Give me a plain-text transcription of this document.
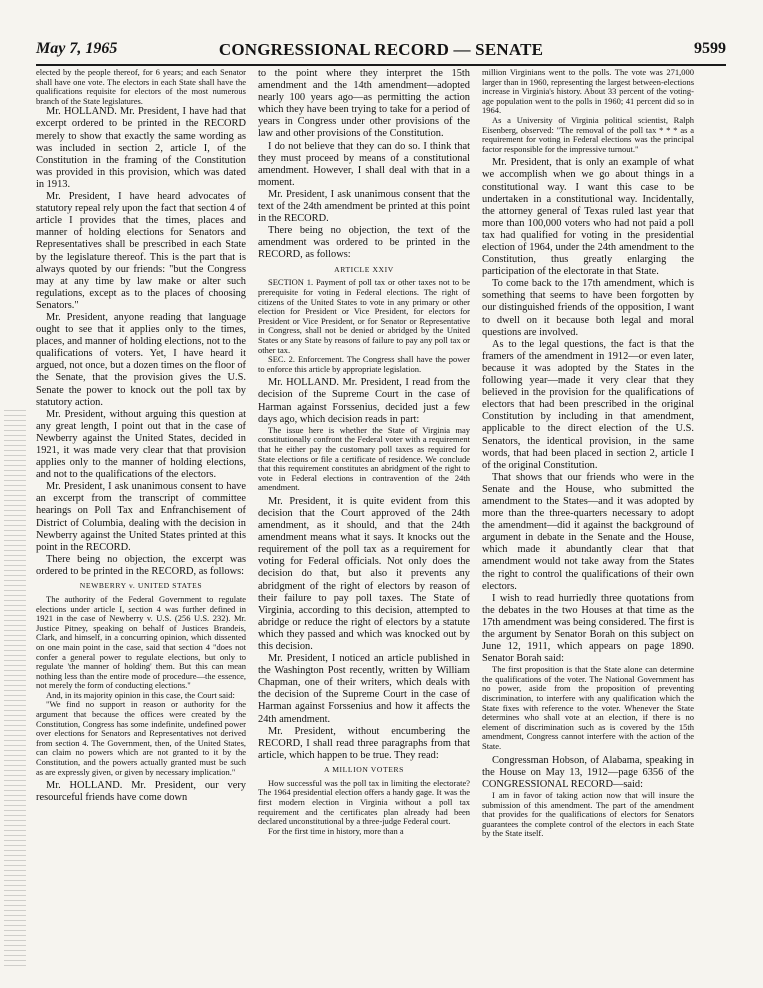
May 7, 1965	CONGRESSIONAL RECORD — SENATE	9599

elected by the people thereof, for 6 years; and each Senator shall have one vote. The electors in each State shall have the qualifications requisite for electors of the most numerous branch of the State legislatures.

Mr. HOLLAND. Mr. President, I have had that excerpt ordered to be printed in the RECORD merely to show that exactly the same wording as was included in section 2, article I, of the Constitution in the framing of the Constitution was provided in this provision, which was dated in 1913.

Mr. President, I have heard advocates of statutory repeal rely upon the fact that section 4 of article I provides that the times, places and manner of holding elections for Senators and Representatives shall be prescribed in each State by the legislature thereof. This is the part that is always quoted by our friends: "but the Congress may at any time by law make or alter such regulations, except as to the places of choosing Senators."

Mr. President, anyone reading that language ought to see that it applies only to the times, places, and manner of holding elections, not to the qualifications of voters. Yet, I have heard it argued, not once, but a dozen times on the floor of the Senate, that the provision gives the U.S. Senate the power to knock out the poll tax by statutory action.

Mr. President, without arguing this question at any great length, I point out that in the case of Newberry against the United States, decided in 1921, it was made very clear that that provision applies only to the manner of holding elections, and not to the qualifications of the electors.

Mr. President, I ask unanimous consent to have an excerpt from the transcript of committee hearings on Poll Tax and Enfranchisement of District of Columbia, dealing with the decision in Newberry against the United States printed at this point in the RECORD.

There being no objection, the excerpt was ordered to be printed in the RECORD, as follows:

NEWBERRY v. UNITED STATES

The authority of the Federal Government to regulate elections under article I, section 4 was further defined in 1921 in the case of Newberry v. U.S. (256 U.S. 232). Mr. Justice Pitney, speaking on behalf of Justices Brandeis, Clark, and himself, in a concurring opinion, which dissented on one main point in the case, said that section 4 "does not confer a general power to regulate elections, but only to regulate 'the manner of holding' them. But this can mean nothing less than the entire mode of procedure—the essence, not merely the form of conducting elections."

And, in its majority opinion in this case, the Court said:

"We find no support in reason or authority for the argument that because the offices were created by the Constitution, Congress has some indefinite, undefined power over elections for Senators and Representatives not derived from section 4. The Government, then, of the United States, can claim no powers which are not granted to it by the Constitution, and the powers actually granted must be such as are expressly given, or given by necessary implication."

Mr. HOLLAND. Mr. President, our very resourceful friends have come down

to the point where they interpret the 15th amendment and the 14th amendment—adopted nearly 100 years ago—as permitting the action which they have been trying to take for a period of years in Congress under other provisions of the law and other provisions of the Constitution.

I do not believe that they can do so. I think that they must proceed by means of a constitutional amendment. However, I shall deal with that in a moment.

Mr. President, I ask unanimous consent that the text of the 24th amendment be printed at this point in the RECORD.

There being no objection, the text of the amendment was ordered to be printed in the RECORD, as follows:

ARTICLE XXIV

SECTION 1. Payment of poll tax or other taxes not to be prerequisite for voting in Federal elections. The right of citizens of the United States to vote in any primary or other election for President or Vice President, for electors for President or Vice President, or for Senator or Representative in Congress, shall not be denied or abridged by the United States or any State by reasons of failure to pay any poll tax or other tax.

SEC. 2. Enforcement. The Congress shall have the power to enforce this article by appropriate legislation.

Mr. HOLLAND. Mr. President, I read from the decision of the Supreme Court in the case of Harman against Forssenius, decided just a few days ago, which decision reads in part:

The issue here is whether the State of Virginia may constitutionally confront the Federal voter with a requirement that he either pay the customary poll taxes as required for State elections or file a certificate of residence. We conclude that this requirement constitutes an abridgment of the right to vote in Federal elections in contravention of the 24th amendment.

Mr. President, it is quite evident from this decision that the Court approved of the 24th amendment, as it should, and that the 24th amendment means what it says. It knocks out the requirement of the poll tax as a requirement for voting for Federal officials. Not only does the decision do that, but also it prevents any abridgment of the right of electors by reason of their failure to pay poll taxes. The State of Virginia, according to this decision, attempted to abridge or reduce the right of electors by a statute which they passed and which was knocked out by this decision.

Mr. President, I noticed an article published in the Washington Post recently, written by William Chapman, one of their writers, which deals with the decision of the Supreme Court in the case of Harman against Forssenius and how it affects the 24th amendment.

Mr. President, without encumbering the RECORD, I shall read three paragraphs from that article, which happen to be true. They read:

A MILLION VOTERS

How successful was the poll tax in limiting the electorate? The 1964 presidential election offers a handy gage. It was the first modern election in Virginia without a poll tax requirement and the certificates plan already had been declared unconstitutional by a three-judge Federal court.

For the first time in history, more than a

million Virginians went to the polls. The vote was 271,000 larger than in 1960, representing the largest between-elections increase in Virginia's history. About 33 percent of the voting-age population went to the polls in 1960; 41 percent did so in 1964.

As a University of Virginia political scientist, Ralph Eisenberg, observed: "The removal of the poll tax * * * as a requirement for voting in Federal elections was the principal factor responsible for the impressive turnout."

Mr. President, that is only an example of what we accomplish when we go about things in a constitutional way. I want this case to be undertaken in a constitutional way. Incidentally, the attorney general of Texas ruled last year that more than 100,000 voters who had not paid a poll tax had qualified for voting in the presidential election of 1964, under the 24th amendment to the Constitution, thus greatly enlarging the participation of the electorate in that State.

To come back to the 17th amendment, which is something that seems to have been forgotten by our distinguished friends of the opposition, I want to dwell on it because both legal and moral questions are involved.

As to the legal questions, the fact is that the framers of the amendment in 1912—or even later, because it was adopted by the States in the following year—made it very clear that they believed in the provision for the qualifications of electors that had been prescribed in the original Constitution by including in that amendment, applicable to the direct election of the U.S. Senators, the identical provision, in the same words, that had been placed in section 2, article I of the original Constitution.

That shows that our friends who were in the Senate and the House, who submitted the amendment to the States—and it was adopted by more than the three-quarters necessary to adopt the amendment—did it against the background of argument in debate in the Senate and the House, which made it abundantly clear that that amendment would not take away from the States the right to control the qualifications of their own electors.

I wish to read hurriedly three quotations from the debates in the two Houses at that time as the 17th amendment was being considered. The first is the argument by Senator Borah on this subject on June 12, 1911, which appears on page 1890. Senator Borah said:

The first proposition is that the State alone can determine the qualifications of the voter. The National Government has no power, aside from the proposition of preventing discrimination, to interfere with any qualification which the State fixes with reference to the voter. Whenever the State determines who shall vote at an election, if there is no element of discrimination such as is covered by the 15th amendment, Congress cannot interfere with the action of the State.

Congressman Hobson, of Alabama, speaking in the House on May 13, 1912—page 6356 of the CONGRESSIONAL RECORD—said:

I am in favor of taking action now that will insure the submission of this amendment. The part of the amendment that provides for the qualifications of electors for Senators guarantees the complete control of the electors in each State by the State itself.
